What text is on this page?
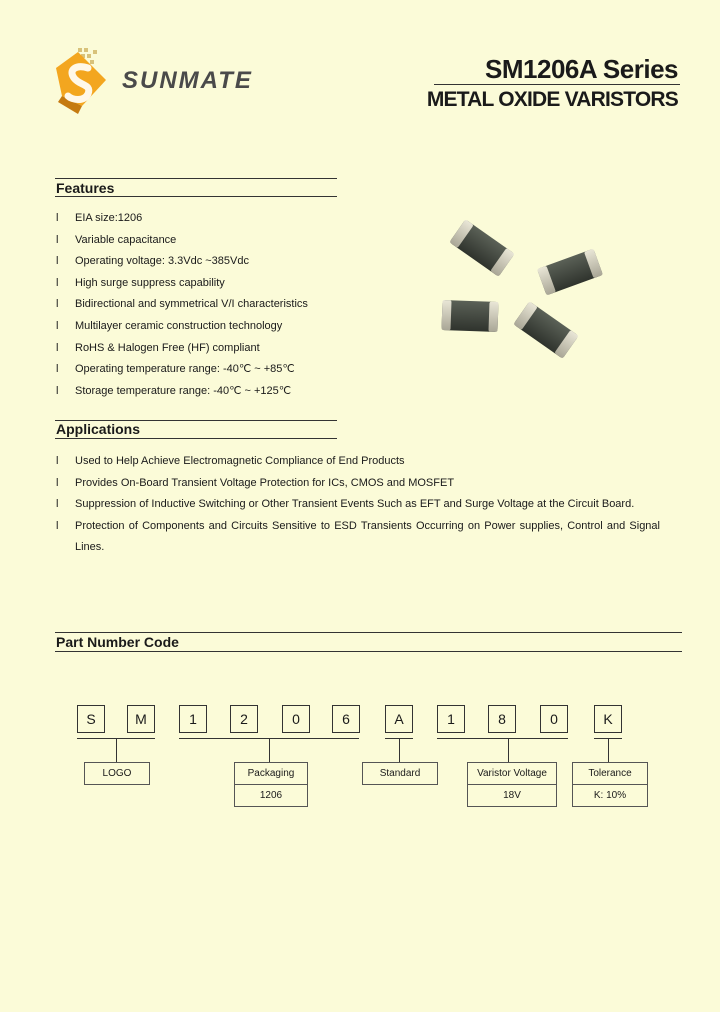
SUNMATE	SM1206A Series
METAL OXIDE VARISTORS
Features
l	EIA size:1206
l	Variable capacitance
l	Operating voltage: 3.3Vdc ~385Vdc
l	High surge suppress capability
l	Bidirectional and symmetrical V/I characteristics
l	Multilayer ceramic construction technology
l	RoHS & Halogen Free (HF) compliant
l	Operating temperature range: -40℃ ~ +85℃
l	Storage temperature range: -40℃ ~ +125℃
Applications
l	Used to Help Achieve Electromagnetic Compliance of End Products
l	Provides On-Board Transient Voltage Protection for ICs, CMOS and MOSFET
l	Suppression of Inductive Switching or Other Transient Events Such as EFT and Surge Voltage at the Circuit Board.
l	Protection of Components and Circuits Sensitive to ESD Transients Occurring on Power supplies, Control and Signal Lines.
Part Number Code
S	M	1	2	0	6	A	1	8	0	K
LOGO	Packaging
1206
Standard	Varistor Voltage
18V
Tolerance
K: 10%
